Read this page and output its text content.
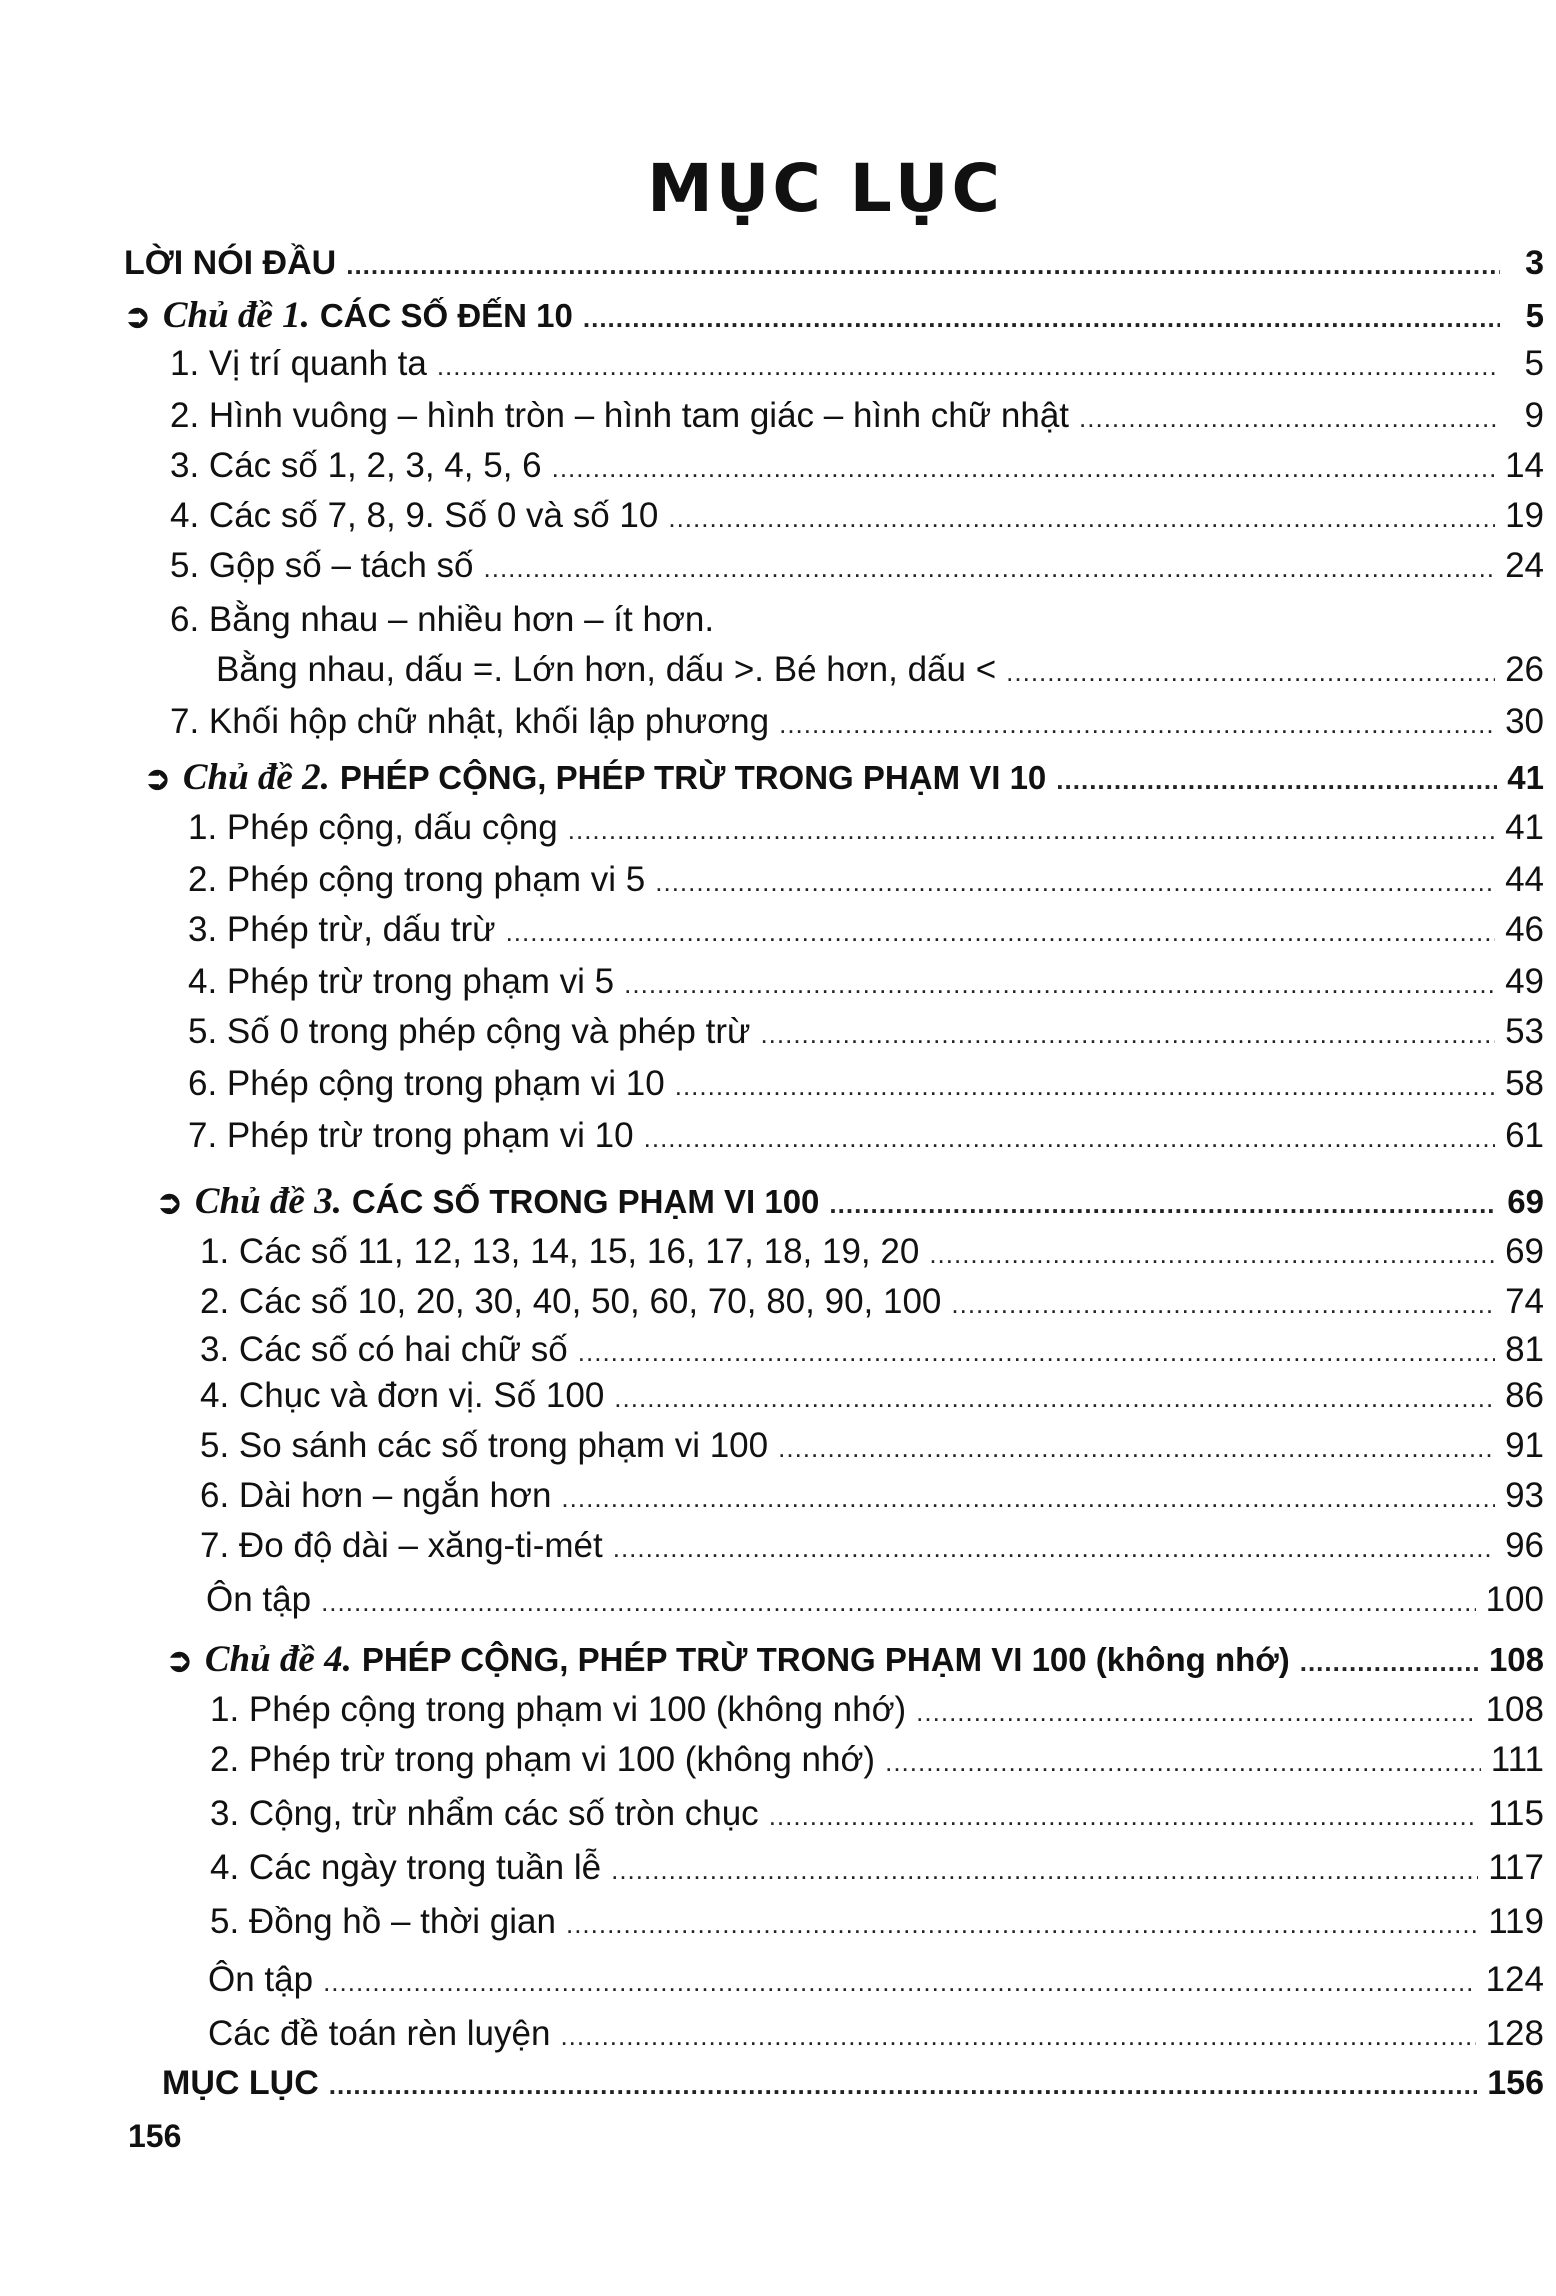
MỤC LỤC
LỜI NÓI ĐẦU .....	3
➲ Chủ đề 1. CÁC SỐ ĐẾN 10 .....	5
1. Vị trí quanh ta .....	5
2. Hình vuông – hình tròn – hình tam giác – hình chữ nhật .....	9
3. Các số 1, 2, 3, 4, 5, 6 .....	14
4. Các số 7, 8, 9. Số 0 và số 10 .....	19
5. Gộp số – tách số .....	24
6. Bằng nhau – nhiều hơn – ít hơn.
Bằng nhau, dấu =. Lớn hơn, dấu >. Bé hơn, dấu < .....	26
7. Khối hộp chữ nhật, khối lập phương .....	30
➲ Chủ đề 2. PHÉP CỘNG, PHÉP TRỪ TRONG PHẠM VI 10 .....	41
1. Phép cộng, dấu cộng .....	41
2. Phép cộng trong phạm vi 5 .....	44
3. Phép trừ, dấu trừ .....	46
4. Phép trừ trong phạm vi 5 .....	49
5. Số 0 trong phép cộng và phép trừ .....	53
6. Phép cộng trong phạm vi 10 .....	58
7. Phép trừ trong phạm vi 10 .....	61
➲ Chủ đề 3. CÁC SỐ TRONG PHẠM VI 100 .....	69
1. Các số 11, 12, 13, 14, 15, 16, 17, 18, 19, 20 .....	69
2. Các số 10, 20, 30, 40, 50, 60, 70, 80, 90, 100 .....	74
3. Các số có hai chữ số .....	81
4. Chục và đơn vị. Số 100 .....	86
5. So sánh các số trong phạm vi 100 .....	91
6. Dài hơn – ngắn hơn .....	93
7. Đo độ dài – xăng-ti-mét .....	96
Ôn tập .....	100
➲ Chủ đề 4. PHÉP CỘNG, PHÉP TRỪ TRONG PHẠM VI 100 (không nhớ) .....	108
1. Phép cộng trong phạm vi 100 (không nhớ) .....	108
2. Phép trừ trong phạm vi 100 (không nhớ) .....	111
3. Cộng, trừ nhẩm các số tròn chục .....	115
4. Các ngày trong tuần lễ .....	117
5. Đồng hồ – thời gian .....	119
Ôn tập .....	124
Các đề toán rèn luyện .....	128
MỤC LỤC .....	156
156
